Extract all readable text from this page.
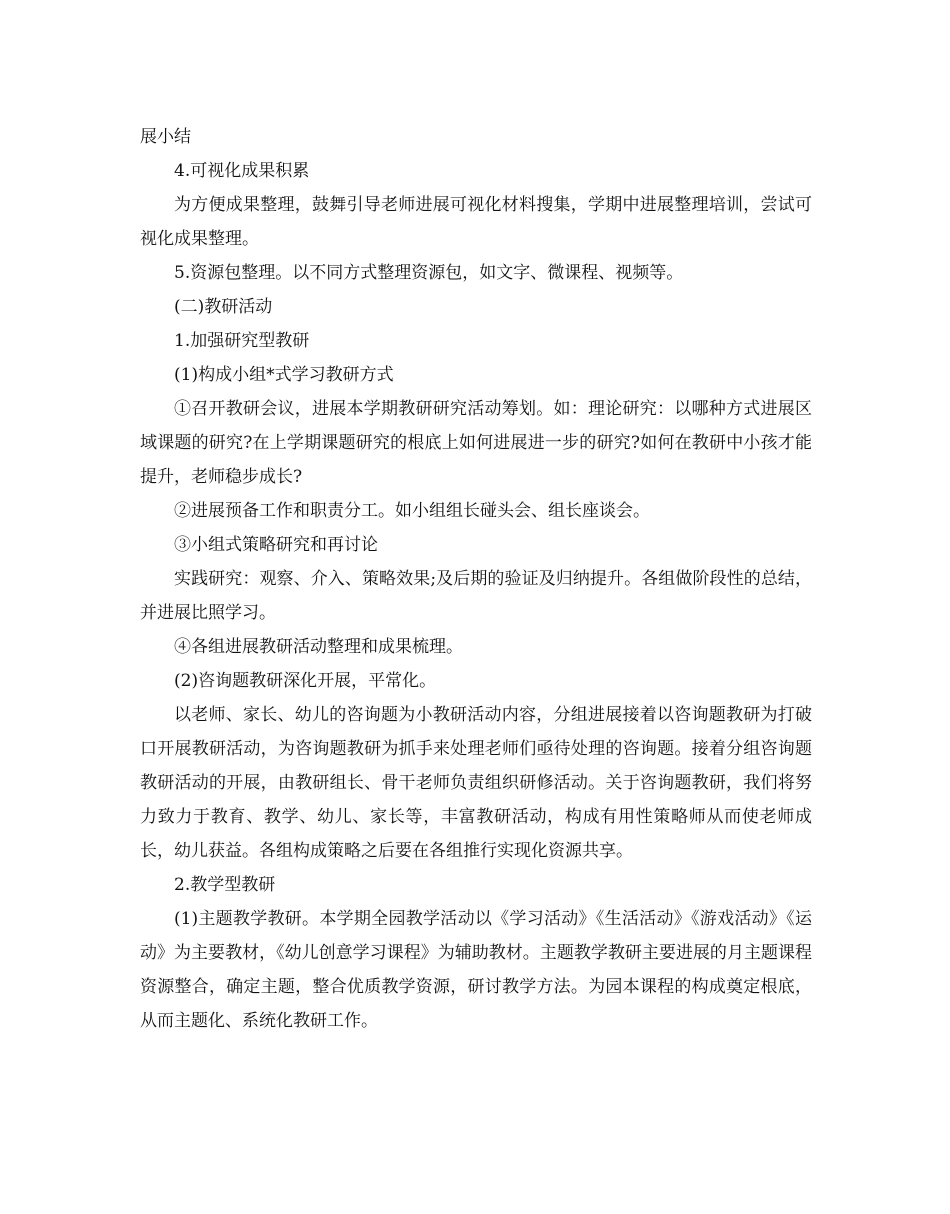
展小结

4.可视化成果积累

为方便成果整理，鼓舞引导老师进展可视化材料搜集，学期中进展整理培训，尝试可视化成果整理。

5.资源包整理。以不同方式整理资源包，如文字、微课程、视频等。

(二)教研活动

1.加强研究型教研

(1)构成小组*式学习教研方式

①召开教研会议，进展本学期教研研究活动筹划。如：理论研究：以哪种方式进展区域课题的研究?在上学期课题研究的根底上如何进展进一步的研究?如何在教研中小孩才能提升，老师稳步成长?

②进展预备工作和职责分工。如小组组长碰头会、组长座谈会。

③小组式策略研究和再讨论

实践研究：观察、介入、策略效果;及后期的验证及归纳提升。各组做阶段性的总结，并进展比照学习。

④各组进展教研活动整理和成果梳理。

(2)咨询题教研深化开展，平常化。

以老师、家长、幼儿的咨询题为小教研活动内容，分组进展接着以咨询题教研为打破口开展教研活动，为咨询题教研为抓手来处理老师们亟待处理的咨询题。接着分组咨询题教研活动的开展，由教研组长、骨干老师负责组织研修活动。关于咨询题教研，我们将努力致力于教育、教学、幼儿、家长等，丰富教研活动，构成有用性策略师从而使老师成长，幼儿获益。各组构成策略之后要在各组推行实现化资源共享。

2.教学型教研

(1)主题教学教研。本学期全园教学活动以《学习活动》《生活活动》《游戏活动》《运动》为主要教材，《幼儿创意学习课程》为辅助教材。主题教学教研主要进展的月主题课程资源整合，确定主题，整合优质教学资源，研讨教学方法。为园本课程的构成奠定根底，从而主题化、系统化教研工作。
